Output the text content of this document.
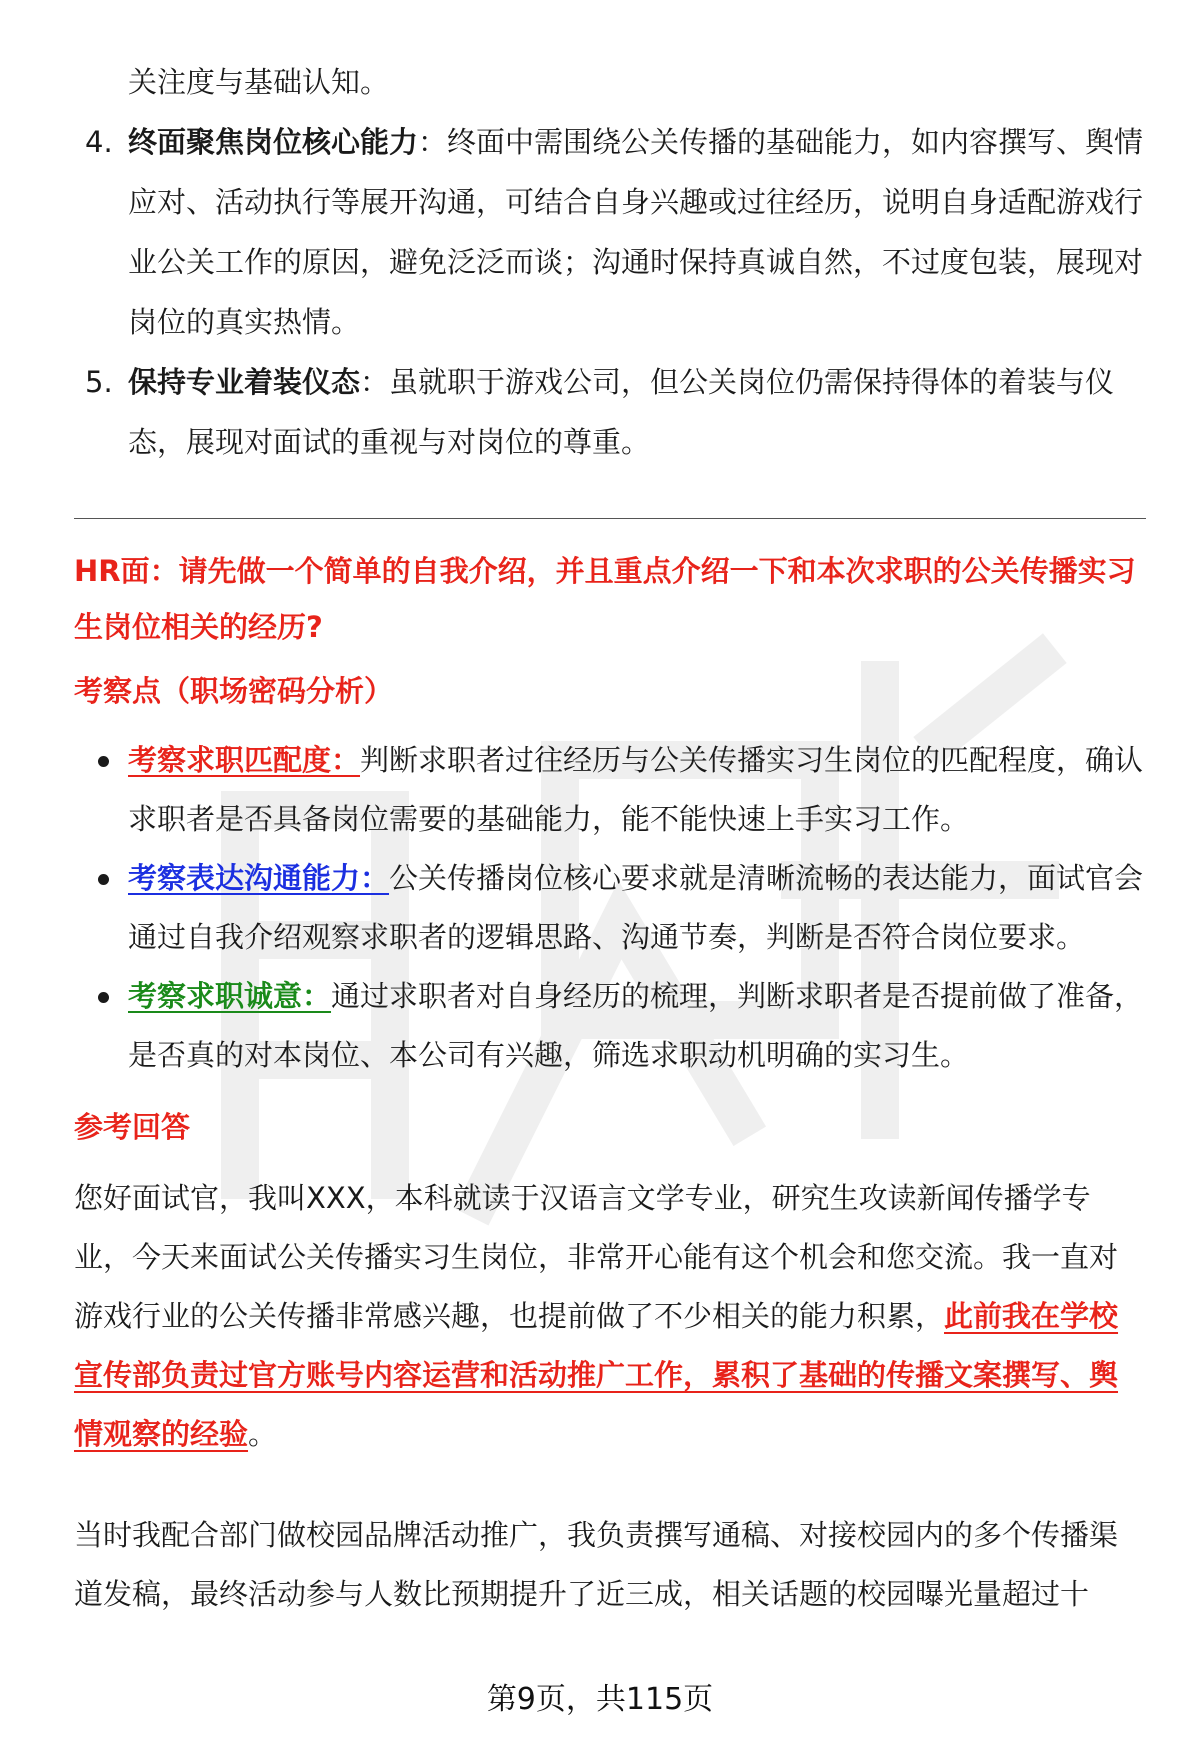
关注度与基础认知。
4. 终面聚焦岗位核心能力：终面中需围绕公关传播的基础能力，如内容撰写、舆情应对、活动执行等展开沟通，可结合自身兴趣或过往经历，说明自身适配游戏行业公关工作的原因，避免泛泛而谈；沟通时保持真诚自然，不过度包装，展现对岗位的真实热情。
5. 保持专业着装仪态：虽就职于游戏公司，但公关岗位仍需保持得体的着装与仪态，展现对面试的重视与对岗位的尊重。

HR面：请先做一个简单的自我介绍，并且重点介绍一下和本次求职的公关传播实习生岗位相关的经历?

考察点（职场密码分析）

考察求职匹配度：判断求职者过往经历与公关传播实习生岗位的匹配程度，确认求职者是否具备岗位需要的基础能力，能不能快速上手实习工作。
考察表达沟通能力：公关传播岗位核心要求就是清晰流畅的表达能力，面试官会通过自我介绍观察求职者的逻辑思路、沟通节奏，判断是否符合岗位要求。
考察求职诚意：通过求职者对自身经历的梳理，判断求职者是否提前做了准备，是否真的对本岗位、本公司有兴趣，筛选求职动机明确的实习生。

参考回答

您好面试官，我叫XXX，本科就读于汉语言文学专业，研究生攻读新闻传播学专业，今天来面试公关传播实习生岗位，非常开心能有这个机会和您交流。我一直对游戏行业的公关传播非常感兴趣，也提前做了不少相关的能力积累，此前我在学校宣传部负责过官方账号内容运营和活动推广工作，累积了基础的传播文案撰写、舆情观察的经验。

当时我配合部门做校园品牌活动推广，我负责撰写通稿、对接校园内的多个传播渠道发稿，最终活动参与人数比预期提升了近三成，相关话题的校园曝光量超过十

第9页，共115页
